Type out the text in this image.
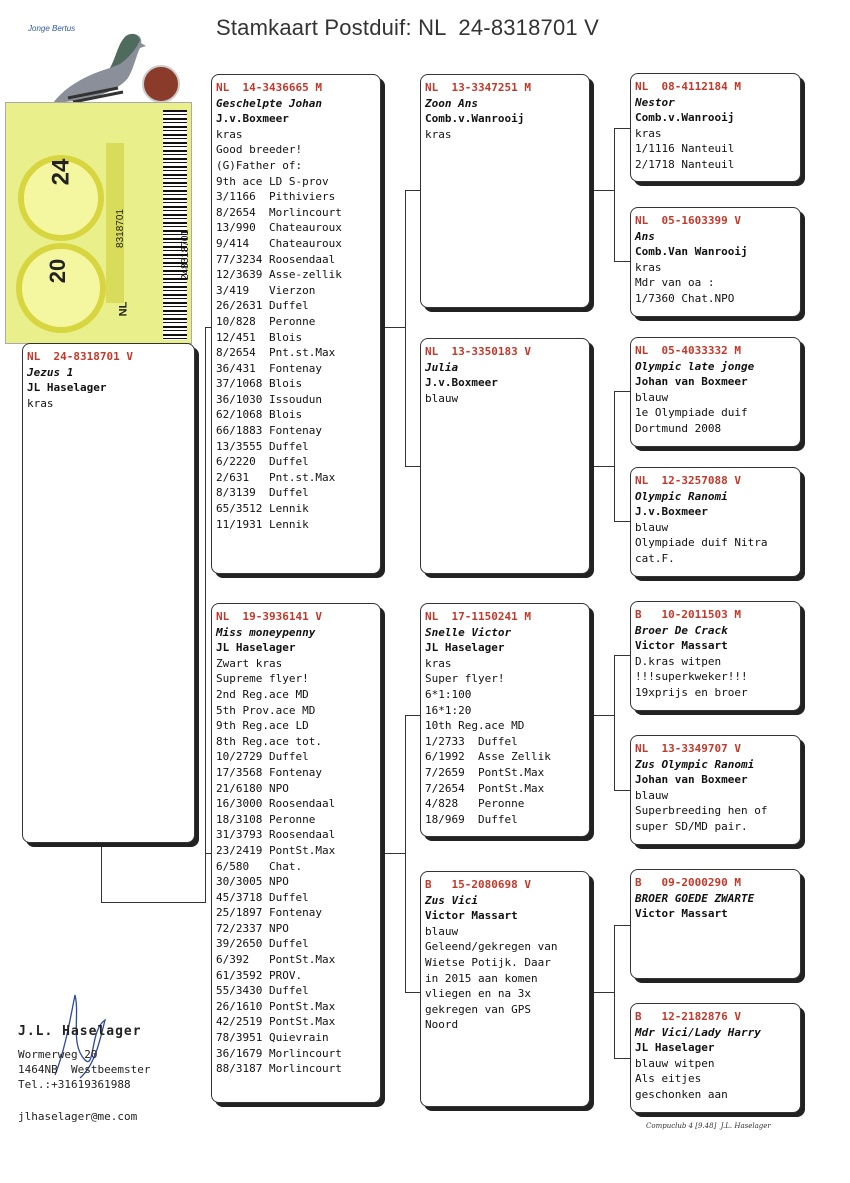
Stamkaart Postduif: NL  24-8318701 V
Jonge Bertus
20
24
NL
8318701
248318701
NL  24-8318701 V
Jezus 1
JL Haselager
kras
NL  14-3436665 M
Geschelpte Johan
J.v.Boxmeer
kras
Good breeder!
(G)Father of:
9th ace LD S-prov
3/1166  Pithiviers
8/2654  Morlincourt
13/990  Chateauroux
9/414   Chateauroux
77/3234 Roosendaal
12/3639 Asse-zellik
3/419   Vierzon
26/2631 Duffel
10/828  Peronne
12/451  Blois
8/2654  Pnt.st.Max
36/431  Fontenay
37/1068 Blois
36/1030 Issoudun
62/1068 Blois
66/1883 Fontenay
13/3555 Duffel
6/2220  Duffel
2/631   Pnt.st.Max
8/3139  Duffel
65/3512 Lennik
11/1931 Lennik
NL  19-3936141 V
Miss moneypenny
JL Haselager
Zwart kras
Supreme flyer!
2nd Reg.ace MD
5th Prov.ace MD
9th Reg.ace LD
8th Reg.ace tot.
10/2729 Duffel
17/3568 Fontenay
21/6180 NPO
16/3000 Roosendaal
18/3108 Peronne
31/3793 Roosendaal
23/2419 PontSt.Max
6/580   Chat.
30/3005 NPO
45/3718 Duffel
25/1897 Fontenay
72/2337 NPO
39/2650 Duffel
6/392   PontSt.Max
61/3592 PROV.
55/3430 Duffel
26/1610 PontSt.Max
42/2519 PontSt.Max
78/3951 Quievrain
36/1679 Morlincourt
88/3187 Morlincourt
NL  13-3347251 M
Zoon Ans
Comb.v.Wanrooij
kras
NL  13-3350183 V
Julia
J.v.Boxmeer
blauw
NL  17-1150241 M
Snelle Victor
JL Haselager
kras
Super flyer!
6*1:100
16*1:20
10th Reg.ace MD
1/2733  Duffel
6/1992  Asse Zellik
7/2659  PontSt.Max
7/2654  PontSt.Max
4/828   Peronne
18/969  Duffel
B   15-2080698 V
Zus Vici
Victor Massart
blauw
Geleend/gekregen van
Wietse Potijk. Daar
in 2015 aan komen
vliegen en na 3x
gekregen van GPS
Noord
NL  08-4112184 M
Nestor
Comb.v.Wanrooij
kras
1/1116 Nanteuil
2/1718 Nanteuil
NL  05-1603399 V
Ans
Comb.Van Wanrooij
kras
Mdr van oa :
1/7360 Chat.NPO
NL  05-4033332 M
Olympic late jonge
Johan van Boxmeer
blauw
1e Olympiade duif
Dortmund 2008
NL  12-3257088 V
Olympic Ranomi
J.v.Boxmeer
blauw
Olympiade duif Nitra
cat.F.
B   10-2011503 M
Broer De Crack
Victor Massart
D.kras witpen
!!!superkweker!!!
19xprijs en broer
NL  13-3349707 V
Zus Olympic Ranomi
Johan van Boxmeer
blauw
Superbreeding hen of
super SD/MD pair.
B   09-2000290 M
BROER GOEDE ZWARTE
Victor Massart
B   12-2182876 V
Mdr Vici/Lady Harry
JL Haselager
blauw witpen
Als eitjes
geschonken aan
J.L. Haselager
Wormerweg 20
1464NB  Westbeemster
Tel.:+31619361988
jlhaselager@me.com
Compuclub 4 [9.48]  J.L. Haselager
